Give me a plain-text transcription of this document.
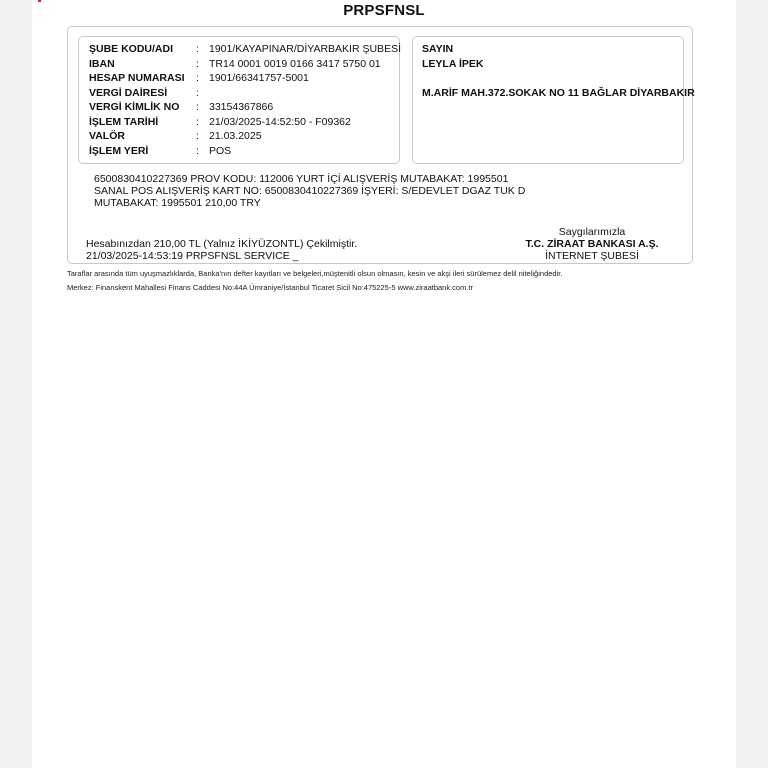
PRPSFNSL
ŞUBE KODU/ADI : 1901/KAYAPINAR/DİYARBAKIR ŞUBESİ
IBAN	: TR14 0001 0019 0166 3417 5750 01
HESAP NUMARASI : 1901/66341757-5001
VERGİ DAİRESİ	:
VERGİ KİMLİK NO : 33154367866
İŞLEM TARİHİ	: 21/03/2025-14:52:50 - F09362
VALÖR	: 21.03.2025
İŞLEM YERİ	: POS
SAYIN
LEYLA İPEK
M.ARİF MAH.372.SOKAK NO 11 BAĞLAR DİYARBAKIR
6500830410227369 PROV KODU: 112006 YURT İÇİ ALIŞVERİŞ MUTABAKAT: 1995501
SANAL POS ALIŞVERİŞ KART NO: 6500830410227369 İŞYERİ: S/EDEVLET DGAZ TUK D
MUTABAKAT: 1995501 210,00 TRY
Hesabınızdan 210,00 TL (Yalnız İKİYÜZONTL) Çekilmiştir.
21/03/2025-14:53:19 PRPSFNSL SERVICE _
Saygılarımızla
T.C. ZİRAAT BANKASI A.Ş.
İNTERNET ŞUBESİ
Taraflar arasında tüm uyuşmazlıklarda, Banka'nın defter kayıtları ve belgeleri,müştenitli olsun olmasın, kesin ve akşi ileri sürülemez delil niteliğindedir.
Merkez: Finanskent Mahallesi Finans Caddesi No:44A Ümraniye/İstanbul Ticaret Sicil No:475225-5 www.ziraatbank.com.tr
